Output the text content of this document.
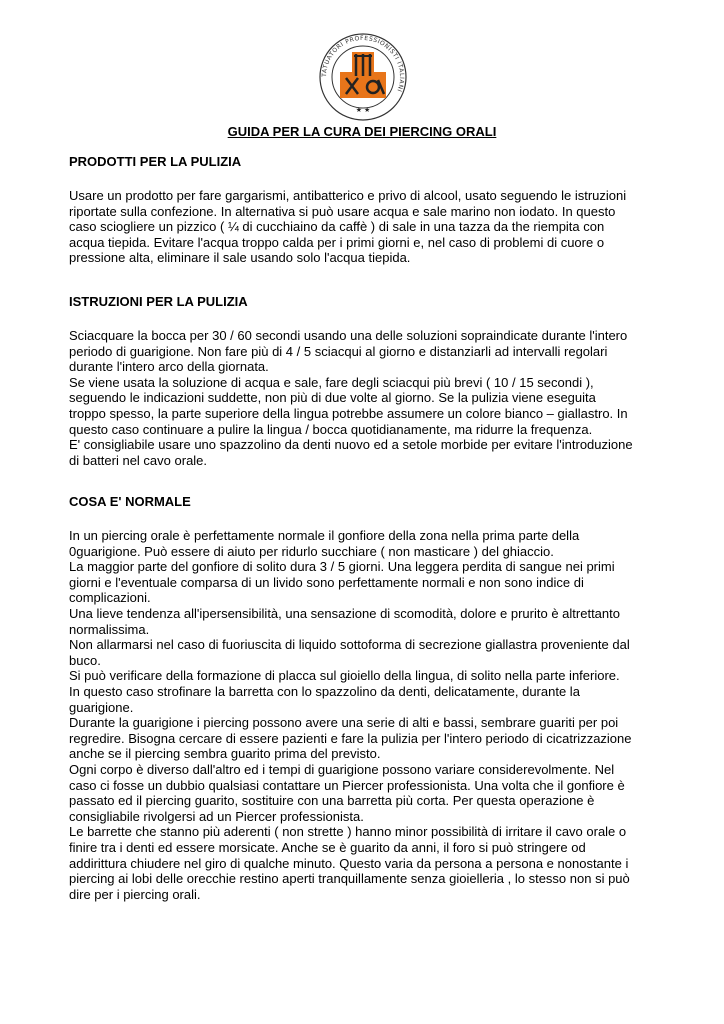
TATUATORI PROFESSIONISTI ITALIANI
★ ★
GUIDA PER LA CURA DEI PIERCING ORALI
PRODOTTI PER LA PULIZIA

Usare un prodotto per fare gargarismi, antibatterico e privo di alcool, usato seguendo le istruzioni

riportate sulla confezione. In alternativa si può usare acqua e sale marino non iodato. In questo

caso sciogliere un pizzico ( ¼ di cucchiaino da caffè ) di sale in una tazza da the riempita con

acqua tiepida. Evitare l'acqua troppo calda per i primi giorni e, nel caso di problemi di cuore o

pressione alta, eliminare il sale usando solo l'acqua tiepida.

ISTRUZIONI PER LA PULIZIA

Sciacquare la bocca per 30 / 60 secondi usando una delle soluzioni sopraindicate durante l'intero

periodo di guarigione. Non fare più di 4 / 5 sciacqui al giorno e distanziarli ad intervalli regolari

durante l'intero arco della giornata.

Se viene usata la soluzione di acqua e sale, fare degli sciacqui più brevi ( 10 / 15 secondi ),

seguendo le indicazioni suddette, non più di due volte al giorno. Se la pulizia viene eseguita

troppo spesso, la parte superiore della lingua potrebbe assumere un colore bianco – giallastro. In

questo caso continuare a pulire la lingua / bocca quotidianamente, ma ridurre la frequenza.

E' consigliabile usare uno spazzolino da denti nuovo ed a setole morbide per evitare l'introduzione

di batteri nel cavo orale.

COSA E' NORMALE

In un piercing orale è perfettamente normale il gonfiore della zona nella prima parte della

0guarigione. Può essere di aiuto per ridurlo succhiare ( non masticare ) del ghiaccio.

La maggior parte del gonfiore di solito dura 3 / 5 giorni. Una leggera perdita di sangue nei primi

giorni e l'eventuale comparsa di un livido sono perfettamente normali e non sono indice di

complicazioni.

Una lieve tendenza all'ipersensibilità, una sensazione di scomodità, dolore e prurito è altrettanto

normalissima.

Non allarmarsi nel caso di fuoriuscita di liquido sottoforma di secrezione giallastra proveniente dal

buco.

Si può verificare della formazione di placca sul gioiello della lingua, di solito nella parte inferiore.

In questo caso strofinare la barretta con lo spazzolino da denti, delicatamente, durante la

guarigione.

Durante la guarigione i piercing possono avere una serie di alti e bassi, sembrare guariti per poi

regredire. Bisogna cercare di essere pazienti e fare la pulizia per l'intero periodo di cicatrizzazione

anche se il piercing sembra guarito prima del previsto.

Ogni corpo è diverso dall'altro ed i tempi di guarigione possono variare considerevolmente. Nel

caso ci fosse un dubbio qualsiasi contattare un Piercer professionista. Una volta che il gonfiore è

passato ed il piercing guarito, sostituire con una barretta più corta. Per questa operazione è

consigliabile rivolgersi ad un Piercer professionista.

Le barrette che stanno più aderenti ( non strette ) hanno minor possibilità di irritare il cavo orale o

finire tra i denti ed essere morsicate. Anche se è guarito da anni, il foro si può stringere od

addirittura chiudere nel giro di qualche minuto. Questo varia da persona a persona e nonostante i

piercing ai lobi delle orecchie restino aperti tranquillamente senza gioielleria , lo stesso non si può

dire per i piercing orali.
